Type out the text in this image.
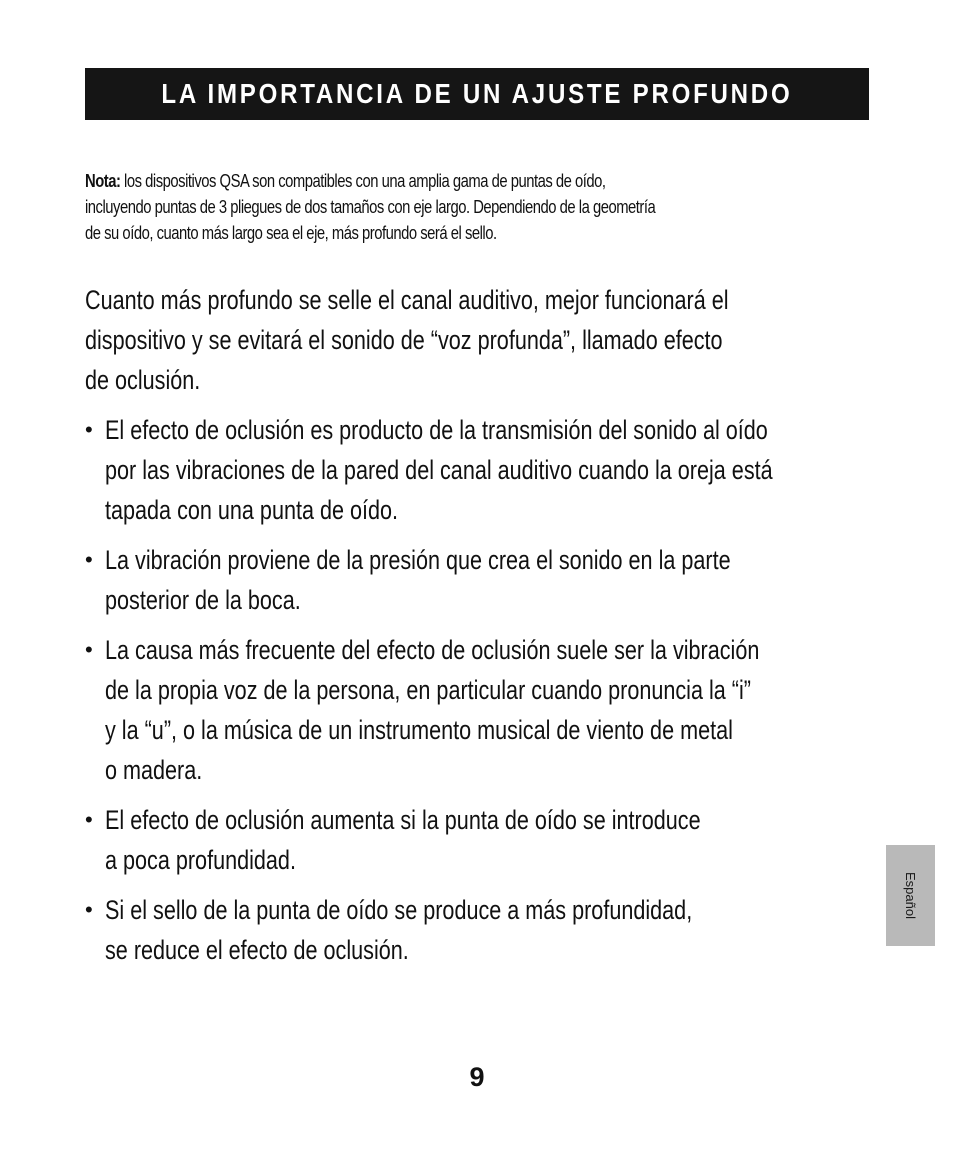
LA IMPORTANCIA DE UN AJUSTE PROFUNDO
Nota: los dispositivos QSA son compatibles con una amplia gama de puntas de oído,
incluyendo puntas de 3 pliegues de dos tamaños con eje largo. Dependiendo de la geometría
de su oído, cuanto más largo sea el eje, más profundo será el sello.
Cuanto más profundo se selle el canal auditivo, mejor funcionará el
dispositivo y se evitará el sonido de “voz profunda”, llamado efecto
de oclusión.
• El efecto de oclusión es producto de la transmisión del sonido al oído
por las vibraciones de la pared del canal auditivo cuando la oreja está
tapada con una punta de oído.
• La vibración proviene de la presión que crea el sonido en la parte
posterior de la boca.
• La causa más frecuente del efecto de oclusión suele ser la vibración
de la propia voz de la persona, en particular cuando pronuncia la “i”
y la “u”, o la música de un instrumento musical de viento de metal
o madera.
• El efecto de oclusión aumenta si la punta de oído se introduce
a poca profundidad.
• Si el sello de la punta de oído se produce a más profundidad,
se reduce el efecto de oclusión.
Español
9
